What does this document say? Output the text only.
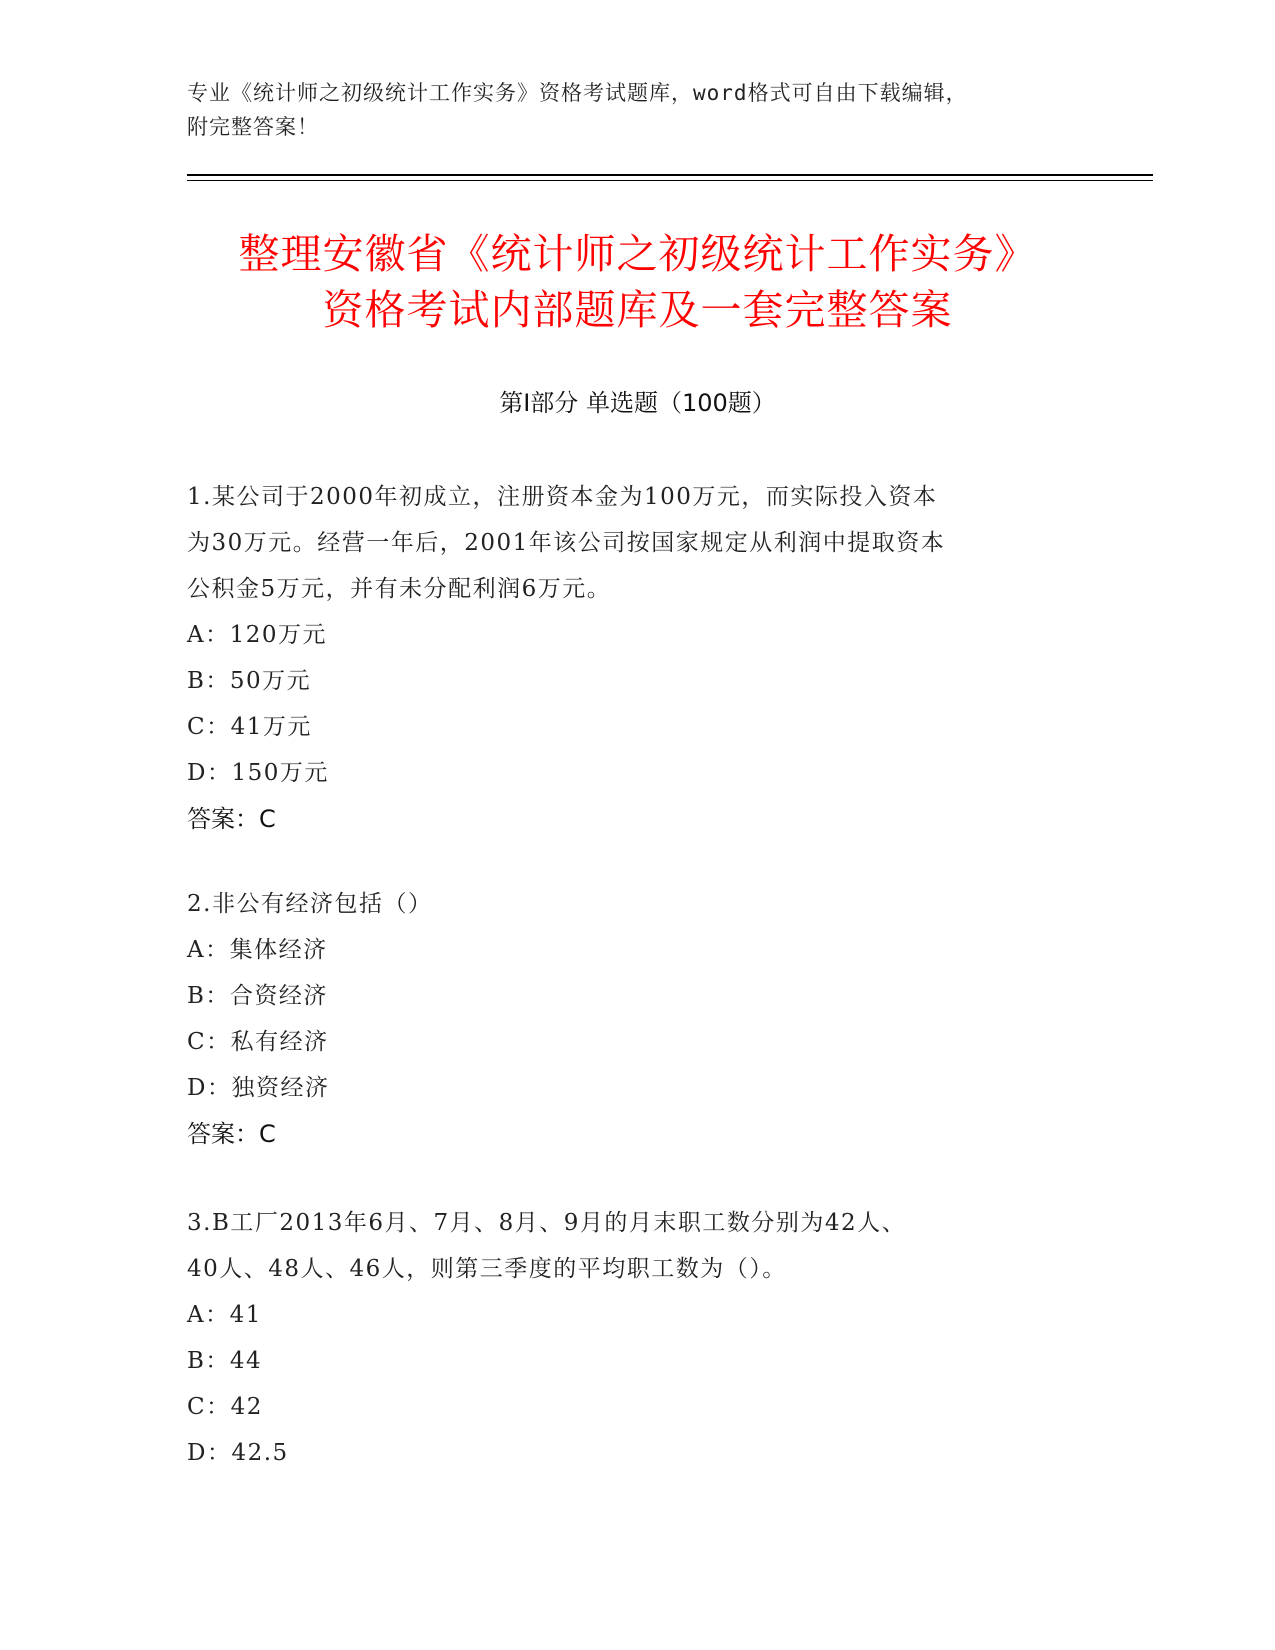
专业《统计师之初级统计工作实务》资格考试题库，word格式可自由下载编辑，
附完整答案！
整理安徽省《统计师之初级统计工作实务》
资格考试内部题库及一套完整答案
第Ⅰ部分 单选题（100题）
1.某公司于2000年初成立，注册资本金为100万元，而实际投入资本
为30万元。经营一年后，2001年该公司按国家规定从利润中提取资本
公积金5万元，并有未分配利润6万元。
A：120万元
B：50万元
C：41万元
D：150万元
答案：C
2.非公有经济包括（）
A：集体经济
B：合资经济
C：私有经济
D：独资经济
答案：C
3.B工厂2013年6月、7月、8月、9月的月末职工数分别为42人、
40人、48人、46人，则第三季度的平均职工数为（）。
A：41
B：44
C：42
D：42.5
